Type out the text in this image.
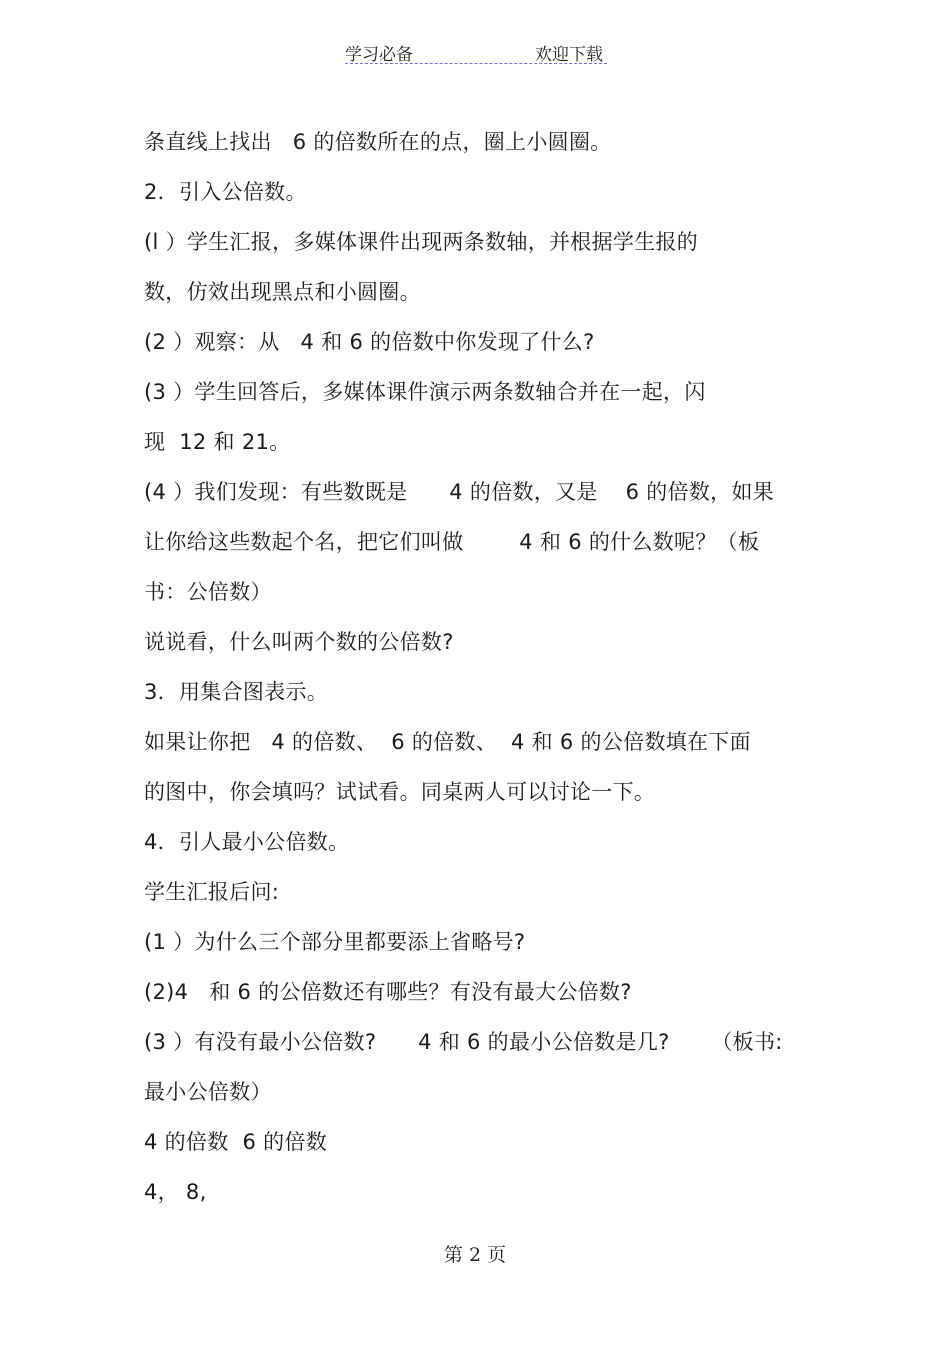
学习必备	欢迎下载
条直线上找出   6 的倍数所在的点，圈上小圆圈。
2．引入公倍数。
(l ）学生汇报，多媒体课件出现两条数轴，并根据学生报的
数，仿效出现黑点和小圆圈。
(2 ）观察：从   4 和 6 的倍数中你发现了什么?
(3 ）学生回答后，多媒体课件演示两条数轴合并在一起，闪
现  12 和 21。
(4 ）我们发现：有些数既是      4 的倍数，又是    6 的倍数，如果
让你给这些数起个名，把它们叫做        4 和 6 的什么数呢？（板
书：公倍数）
说说看，什么叫两个数的公倍数?
3．用集合图表示。
如果让你把   4 的倍数、  6 的倍数、  4 和 6 的公倍数填在下面
的图中，你会填吗？试试看。同桌两人可以讨论一下。
4．引人最小公倍数。
学生汇报后问:
(1 ）为什么三个部分里都要添上省略号?
(2)4   和 6 的公倍数还有哪些？有没有最大公倍数?
(3 ）有没有最小公倍数?      4 和 6 的最小公倍数是几?      （板书:
最小公倍数）
4 的倍数  6 的倍数
4， 8,
第 2 页
